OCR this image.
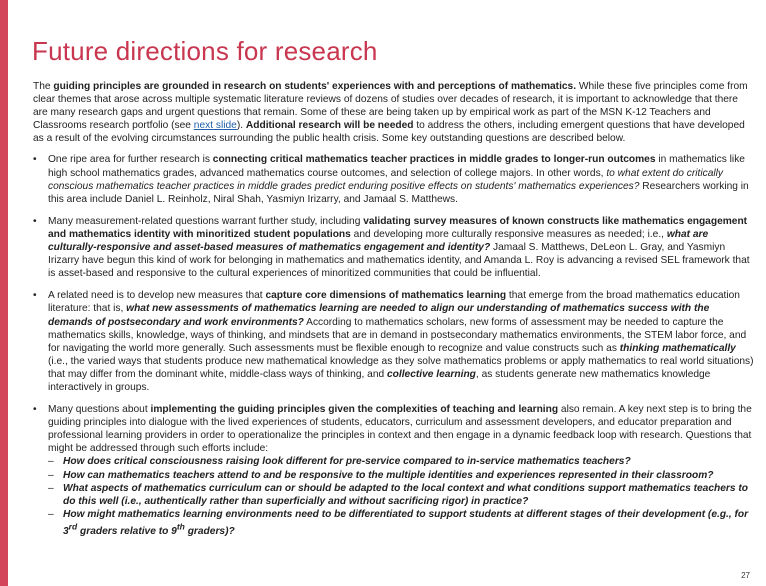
Future directions for research

The guiding principles are grounded in research on students' experiences with and perceptions of mathematics. While these five principles come from clear themes that arose across multiple systematic literature reviews of dozens of studies over decades of research, it is important to acknowledge that there are many research gaps and urgent questions that remain. Some of these are being taken up by empirical work as part of the MSN K-12 Teachers and Classrooms research portfolio (see next slide). Additional research will be needed to address the others, including emergent questions that have developed as a result of the evolving circumstances surrounding the public health crisis. Some key outstanding questions are described below.

• One ripe area for further research is connecting critical mathematics teacher practices in middle grades to longer-run outcomes in mathematics like high school mathematics grades, advanced mathematics course outcomes, and selection of college majors. In other words, to what extent do critically conscious mathematics teacher practices in middle grades predict enduring positive effects on students' mathematics experiences? Researchers working in this area include Daniel L. Reinholz, Niral Shah, Yasmiyn Irizarry, and Jamaal S. Matthews.
• Many measurement-related questions warrant further study, including validating survey measures of known constructs like mathematics engagement and mathematics identity with minoritized student populations and developing more culturally responsive measures as needed; i.e., what are culturally-responsive and asset-based measures of mathematics engagement and identity? Jamaal S. Matthews, DeLeon L. Gray, and Yasmiyn Irizarry have begun this kind of work for belonging in mathematics and mathematics identity, and Amanda L. Roy is advancing a revised SEL framework that is asset-based and responsive to the cultural experiences of minoritized communities that could be influential.
• A related need is to develop new measures that capture core dimensions of mathematics learning that emerge from the broad mathematics education literature: that is, what new assessments of mathematics learning are needed to align our understanding of mathematics success with the demands of postsecondary and work environments? According to mathematics scholars, new forms of assessment may be needed to capture the mathematics skills, knowledge, ways of thinking, and mindsets that are in demand in postsecondary mathematics environments, the STEM labor force, and for navigating the world more generally. Such assessments must be flexible enough to recognize and value constructs such as thinking mathematically (i.e., the varied ways that students produce new mathematical knowledge as they solve mathematics problems or apply mathematics to real world situations) that may differ from the dominant white, middle-class ways of thinking, and collective learning, as students generate new mathematics knowledge interactively in groups.
• Many questions about implementing the guiding principles given the complexities of teaching and learning also remain. A key next step is to bring the guiding principles into dialogue with the lived experiences of students, educators, curriculum and assessment developers, and educator preparation and professional learning providers in order to operationalize the principles in context and then engage in a dynamic feedback loop with research. Questions that might be addressed through such efforts include:
– How does critical consciousness raising look different for pre-service compared to in-service mathematics teachers?
– How can mathematics teachers attend to and be responsive to the multiple identities and experiences represented in their classroom?
– What aspects of mathematics curriculum can or should be adapted to the local context and what conditions support mathematics teachers to do this well (i.e., authentically rather than superficially and without sacrificing rigor) in practice?
– How might mathematics learning environments need to be differentiated to support students at different stages of their development (e.g., for 3rd graders relative to 9th graders)?
27
